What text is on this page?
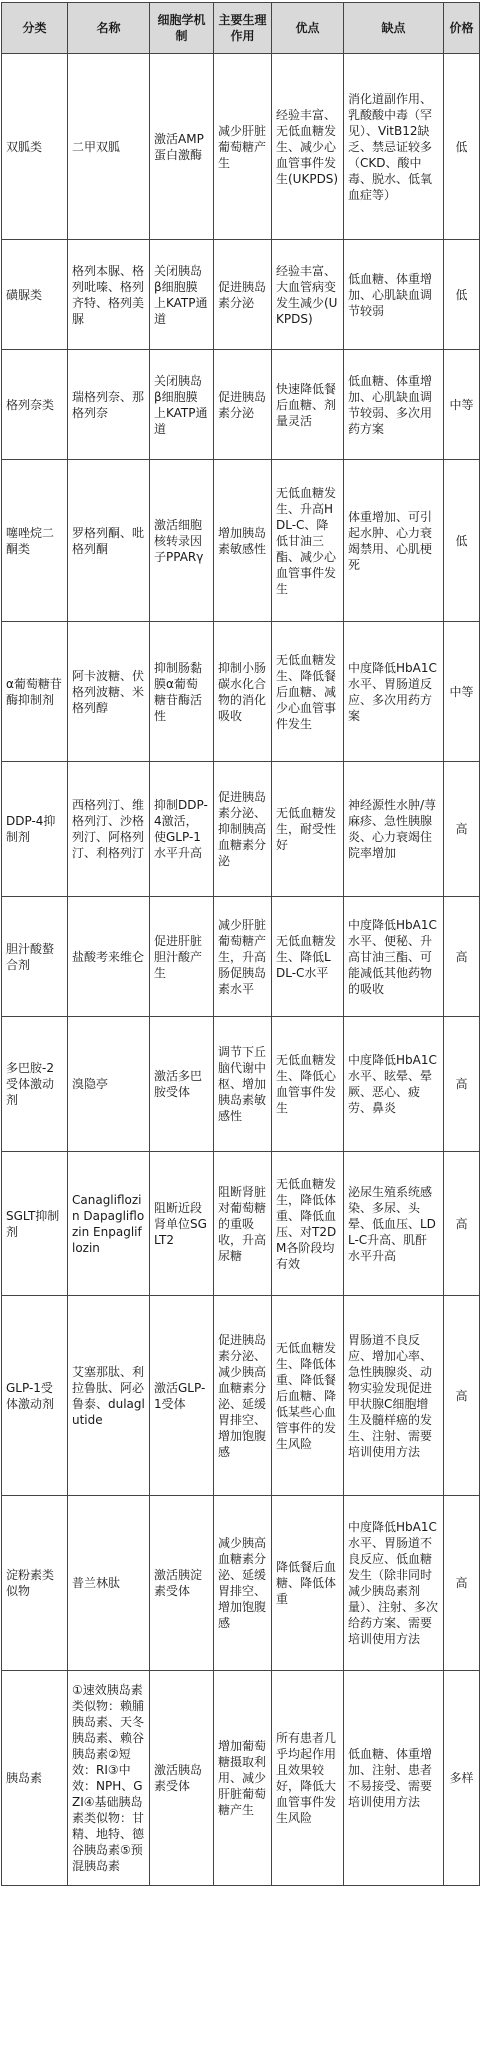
分类	名称	细胞学机制	主要生理作用	优点	缺点	价格
双胍类	二甲双胍	激活AMP蛋白激酶	减少肝脏葡萄糖产生	经验丰富、无低血糖发生、减少心血管事件发生(UKPDS)	消化道副作用、乳酸酸中毒（罕见）、VitB12缺乏、禁忌证较多（CKD、酸中毒、脱水、低氧血症等）	低
磺脲类	格列本脲、格列吡嗪、格列齐特、格列美脲	关闭胰岛β细胞膜上KATP通道	促进胰岛素分泌	经验丰富、大血管病变发生减少(UKPDS)	低血糖、体重增加、心肌缺血调节较弱	低
格列奈类	瑞格列奈、那格列奈	关闭胰岛β细胞膜上KATP通道	促进胰岛素分泌	快速降低餐后血糖、剂量灵活	低血糖、体重增加、心肌缺血调节较弱、多次用药方案	中等
噻唑烷二酮类	罗格列酮、吡格列酮	激活细胞核转录因子PPARγ	增加胰岛素敏感性	无低血糖发生、升高HDL-C、降低甘油三酯、减少心血管事件发生	体重增加、可引起水肿、心力衰竭禁用、心肌梗死	低
α葡萄糖苷酶抑制剂	阿卡波糖、伏格列波糖、米格列醇	抑制肠黏膜α葡萄糖苷酶活性	抑制小肠碳水化合物的消化吸收	无低血糖发生、降低餐后血糖、减少心血管事件发生	中度降低HbA1C水平、胃肠道反应、多次用药方案	中等
DDP-4抑制剂	西格列汀、维格列汀、沙格列汀、阿格列汀、利格列汀	抑制DDP-4激活，使GLP-1水平升高	促进胰岛素分泌、抑制胰高血糖素分泌	无低血糖发生，耐受性好	神经源性水肿/荨麻疹、急性胰腺炎、心力衰竭住院率增加	高
胆汁酸螯合剂	盐酸考来维仑	促进肝脏胆汁酸产生	减少肝脏葡萄糖产生，升高肠促胰岛素水平	无低血糖发生、降低LDL-C水平	中度降低HbA1C水平、便秘、升高甘油三酯、可能减低其他药物的吸收	高
多巴胺-2受体激动剂	溴隐亭	激活多巴胺受体	调节下丘脑代谢中枢、增加胰岛素敏感性	无低血糖发生、降低心血管事件发生	中度降低HbA1C水平、眩晕、晕厥、恶心、疲劳、鼻炎	高
SGLT抑制剂	Canagliflozin Dapagliflozin Enpagliflozin	阻断近段肾单位SGLT2	阻断肾脏对葡萄糖的重吸收，升高尿糖	无低血糖发生，降低体重、降低血压、对T2DM各阶段均有效	泌尿生殖系统感染、多尿、头晕、低血压、LDL-C升高、肌酐水平升高	高
GLP-1受体激动剂	艾塞那肽、利拉鲁肽、阿必鲁泰、dulaglutide	激活GLP-1受体	促进胰岛素分泌、减少胰高血糖素分泌、延缓胃排空、增加饱腹感	无低血糖发生、降低体重、降低餐后血糖、降低某些心血管事件的发生风险	胃肠道不良反应、增加心率、急性胰腺炎、动物实验发现促进甲状腺C细胞增生及髓样癌的发生、注射、需要培训使用方法	高
淀粉素类似物	普兰林肽	激活胰淀素受体	减少胰高血糖素分泌、延缓胃排空、增加饱腹感	降低餐后血糖、降低体重	中度降低HbA1C水平、胃肠道不良反应、低血糖发生（除非同时减少胰岛素剂量）、注射、多次给药方案、需要培训使用方法	高
胰岛素	①速效胰岛素类似物：赖脯胰岛素、天冬胰岛素、赖谷胰岛素②短效：RI③中效：NPH、GZI④基础胰岛素类似物：甘精、地特、德谷胰岛素⑤预混胰岛素	激活胰岛素受体	增加葡萄糖摄取利用、减少肝脏葡萄糖产生	所有患者几乎均起作用且效果较好，降低大血管事件发生风险	低血糖、体重增加、注射、患者不易接受、需要培训使用方法	多样
